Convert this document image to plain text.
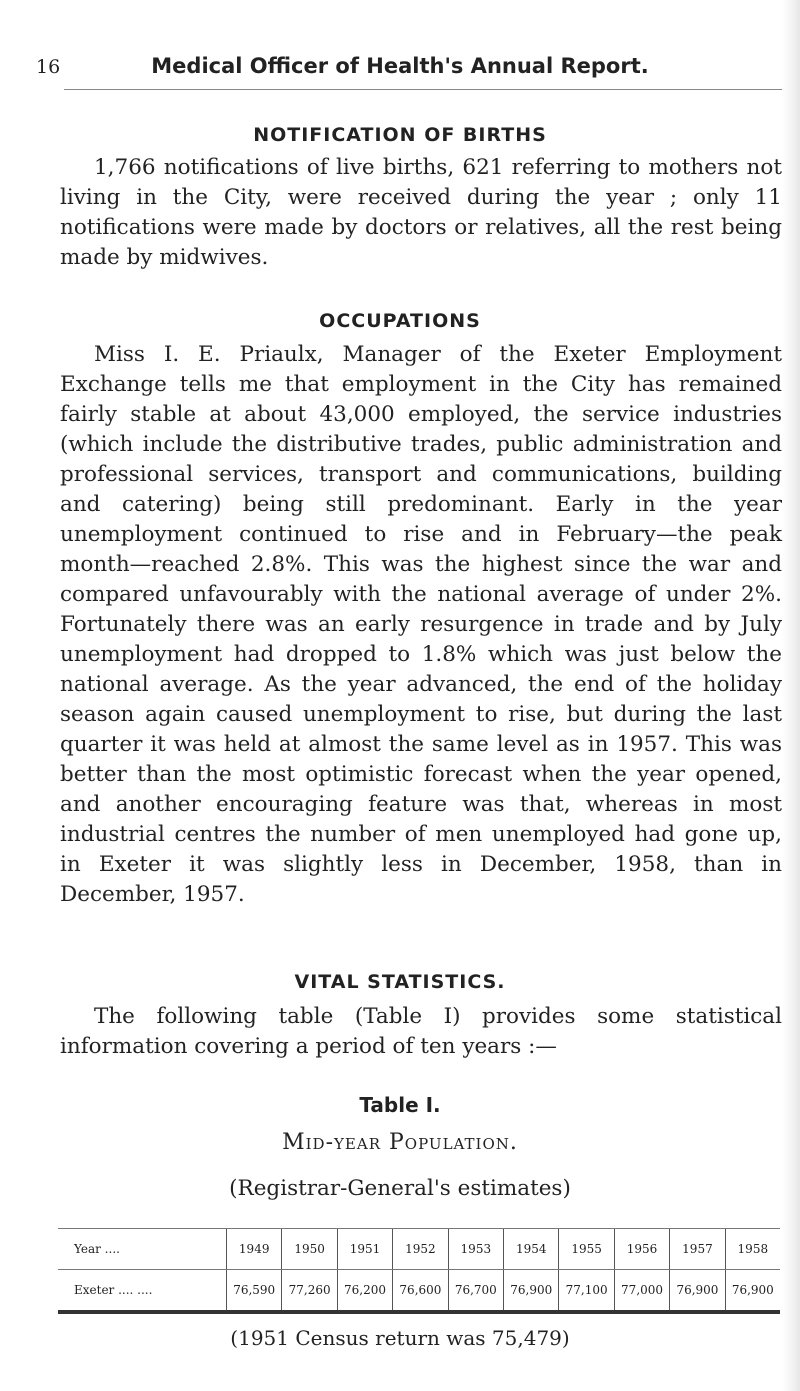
16	Medical Officer of Health's Annual Report.
NOTIFICATION OF BIRTHS

1,766 notifications of live births, 621 referring to mothers not living in the City, were received during the year ; only 11 notifications were made by doctors or relatives, all the rest being made by midwives.

OCCUPATIONS

Miss I. E. Priaulx, Manager of the Exeter Employment Exchange tells me that employment in the City has remained fairly stable at about 43,000 employed, the service industries (which include the distributive trades, public administration and professional services, transport and communications, building and catering) being still predominant. Early in the year unemployment continued to rise and in February—the peak month—reached 2.8%. This was the highest since the war and compared unfavourably with the national average of under 2%. Fortunately there was an early resurgence in trade and by July unemployment had dropped to 1.8% which was just below the national average. As the year advanced, the end of the holiday season again caused unemployment to rise, but during the last quarter it was held at almost the same level as in 1957. This was better than the most optimistic forecast when the year opened, and another encouraging feature was that, whereas in most industrial centres the number of men unemployed had gone up, in Exeter it was slightly less in December, 1958, than in December, 1957.

VITAL STATISTICS.

The following table (Table I) provides some statistical information covering a period of ten years :—

Table I.
Mid-year Population.
(Registrar-General's estimates)
Year ....	1949	1950	1951	1952	1953	1954	1955	1956	1957	1958
Exeter .... ....	76,590	77,260	76,200	76,600	76,700	76,900	77,100	77,000	76,900	76,900
(1951 Census return was 75,479)
